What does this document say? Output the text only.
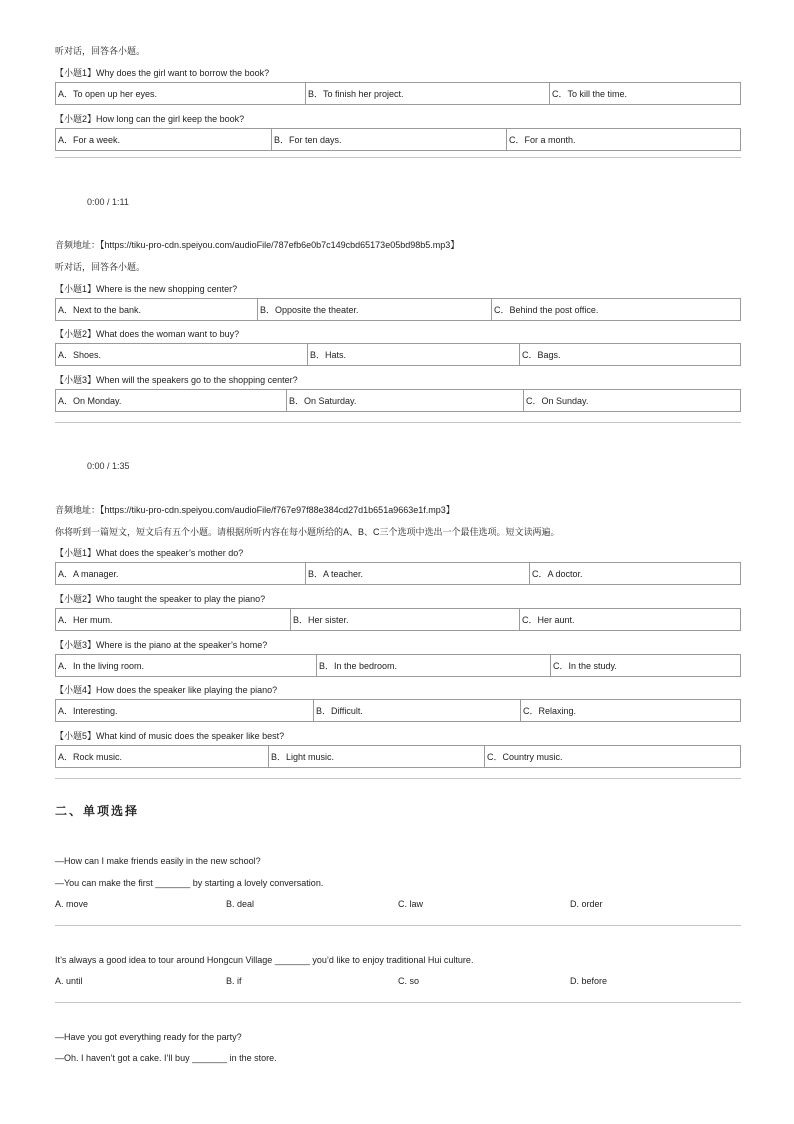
听对话，回答各小题。
【小题1】Why does the girl want to borrow the book?
A．To open up her eyes.	B．To finish her project.	C．To kill the time.
【小题2】How long can the girl keep the book?
A．For a week.	B．For ten days.	C．For a month.
0:00 / 1:11
音频地址：【https://tiku-pro-cdn.speiyou.com/audioFile/787efb6e0b7c149cbd65173e05bd98b5.mp3】
听对话，回答各小题。
【小题1】Where is the new shopping center?
A．Next to the bank.	B．Opposite the theater.	C．Behind the post office.
【小题2】What does the woman want to buy?
A．Shoes.	B．Hats.	C．Bags.
【小题3】When will the speakers go to the shopping center?
A．On Monday.	B．On Saturday.	C．On Sunday.
0:00 / 1:35
音频地址：【https://tiku-pro-cdn.speiyou.com/audioFile/f767e97f88e384cd27d1b651a9663e1f.mp3】
你将听到一篇短文，短文后有五个小题。请根据所听内容在每小题所给的A、B、C三个选项中选出一个最佳选项。短文读两遍。
【小题1】What does the speaker’s mother do?
A．A manager.	B．A teacher.	C．A doctor.
【小题2】Who taught the speaker to play the piano?
A．Her mum.	B．Her sister.	C．Her aunt.
【小题3】Where is the piano at the speaker’s home?
A．In the living room.	B．In the bedroom.	C．In the study.
【小题4】How does the speaker like playing the piano?
A．Interesting.	B．Difficult.	C．Relaxing.
【小题5】What kind of music does the speaker like best?
A．Rock music.	B．Light music.	C．Country music.
二、单项选择
—How can I make friends easily in the new school?
—You can make the first _______ by starting a lovely conversation.
A. move	B. deal	C. law	D. order
It’s always a good idea to tour around Hongcun Village _______ you’d like to enjoy traditional Hui culture.
A. until	B. if	C. so	D. before
—Have you got everything ready for the party?
—Oh. I haven’t got a cake. I’ll buy _______ in the store.
